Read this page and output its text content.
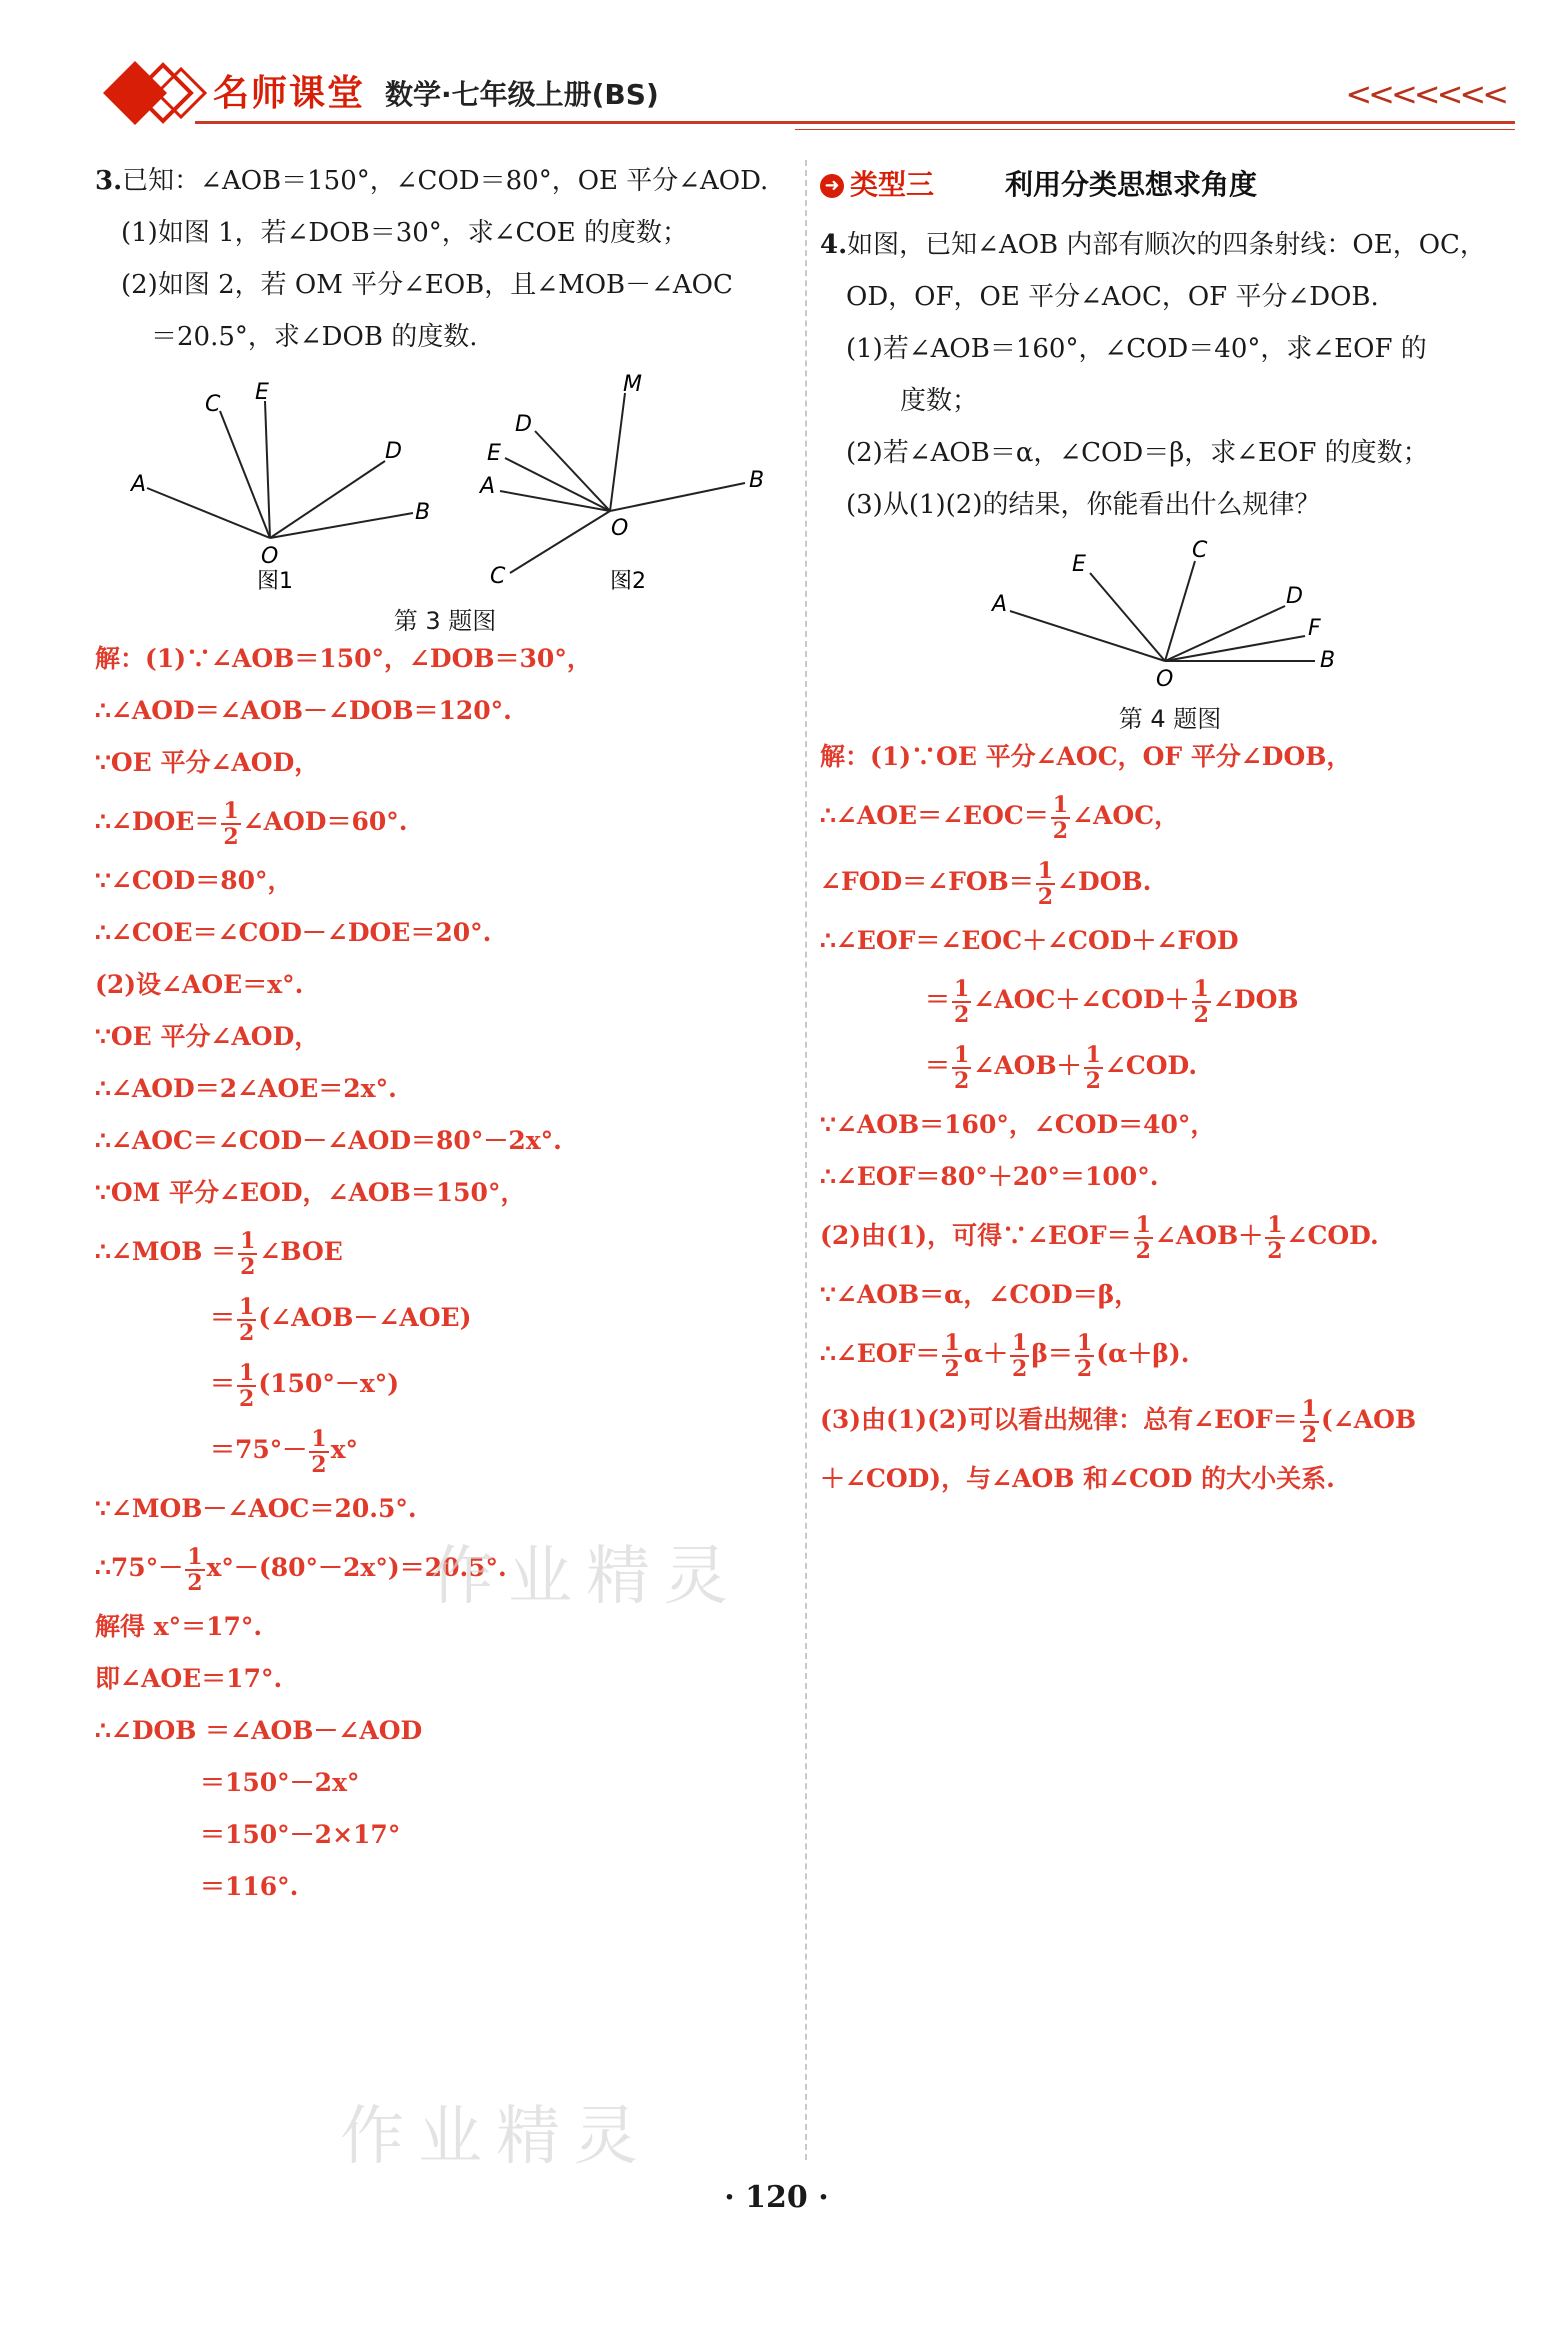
名师课堂 数学·七年级上册(BS)	<<<<<<<
3.已知：∠AOB＝150°，∠COD＝80°，OE 平分∠AOD.
(1)如图 1，若∠DOB＝30°，求∠COE 的度数；
(2)如图 2，若 OM 平分∠EOB，且∠MOB－∠AOC
＝20.5°，求∠DOB 的度数.
A
C E
D
B
O
图1
A
E
D
M
B
C
O
图2
第 3 题图
解：(1)∵∠AOB＝150°，∠DOB＝30°，
∴∠AOD＝∠AOB－∠DOB＝120°.
∵OE 平分∠AOD，
∴∠DOE＝ $\frac{1}{2}$ ∠AOD＝60°.
∵∠COD＝80°，
∴∠COE＝∠COD－∠DOE＝20°.
(2)设∠AOE＝x°.
∵OE 平分∠AOD，
∴∠AOD＝2∠AOE＝2x°.
∴∠AOC＝∠COD－∠AOD＝80°－2x°.
∵OM 平分∠EOD，∠AOB＝150°，
∴∠MOB ＝ $\frac{1}{2}$ ∠BOE
＝ $\frac{1}{2}$ (∠AOB－∠AOE)
＝ $\frac{1}{2} (150^\circ-x^\circ)$
$=75^\circ- \frac{1}{2} x^\circ$
∵∠MOB－∠AOC＝20.5°.
∴75°－ $\frac{1}{2} x^\circ-(80^\circ-2x^\circ)=20.5^\circ$.
解得 x°＝17°.
即∠AOE＝17°.
∴∠DOB ＝∠AOB－∠AOD
＝150°－2x°
＝150°－2×17°
＝116°.
➜ 类型三	利用分类思想求角度
4.如图，已知∠AOB 内部有顺次的四条射线：OE，OC，
OD，OF，OE 平分∠AOC，OF 平分∠DOB.
(1)若∠AOB＝160°，∠COD＝40°，求∠EOF 的
度数；
(2)若∠AOB＝α，∠COD＝β，求∠EOF 的度数；
(3)从(1)(2)的结果，你能看出什么规律？
A
E
C
D
F
B
O
第 4 题图
解：(1)∵OE 平分∠AOC，OF 平分∠DOB，
∴∠AOE＝∠EOC＝ $\frac{1}{2}$ ∠AOC，
∠FOD＝∠FOB＝ $\frac{1}{2}$ ∠DOB.
∴∠EOF＝∠EOC＋∠COD＋∠FOD
＝ $\frac{1}{2}$ ∠AOC＋∠COD＋ $\frac{1}{2}$ ∠DOB
＝ $\frac{1}{2}$ ∠AOB＋ $\frac{1}{2}$ ∠COD.
∵∠AOB＝160°，∠COD＝40°，
∴∠EOF＝80°＋20°＝100°.
(2)由(1)，可得∵∠EOF＝ $\frac{1}{2}$ ∠AOB＋ $\frac{1}{2}$ ∠COD.
∵∠AOB＝α，∠COD＝β，
∴∠EOF＝ $\frac{1}{2} \alpha+ \frac{1}{2} \beta= \frac{1}{2} (\alpha+\beta)$.
(3)由(1)(2)可以看出规律：总有∠EOF＝ $\frac{1}{2}$ (∠AOB
＋∠COD)，与∠AOB 和∠COD 的大小关系.
作业精灵
作业精灵
· 120 ·
